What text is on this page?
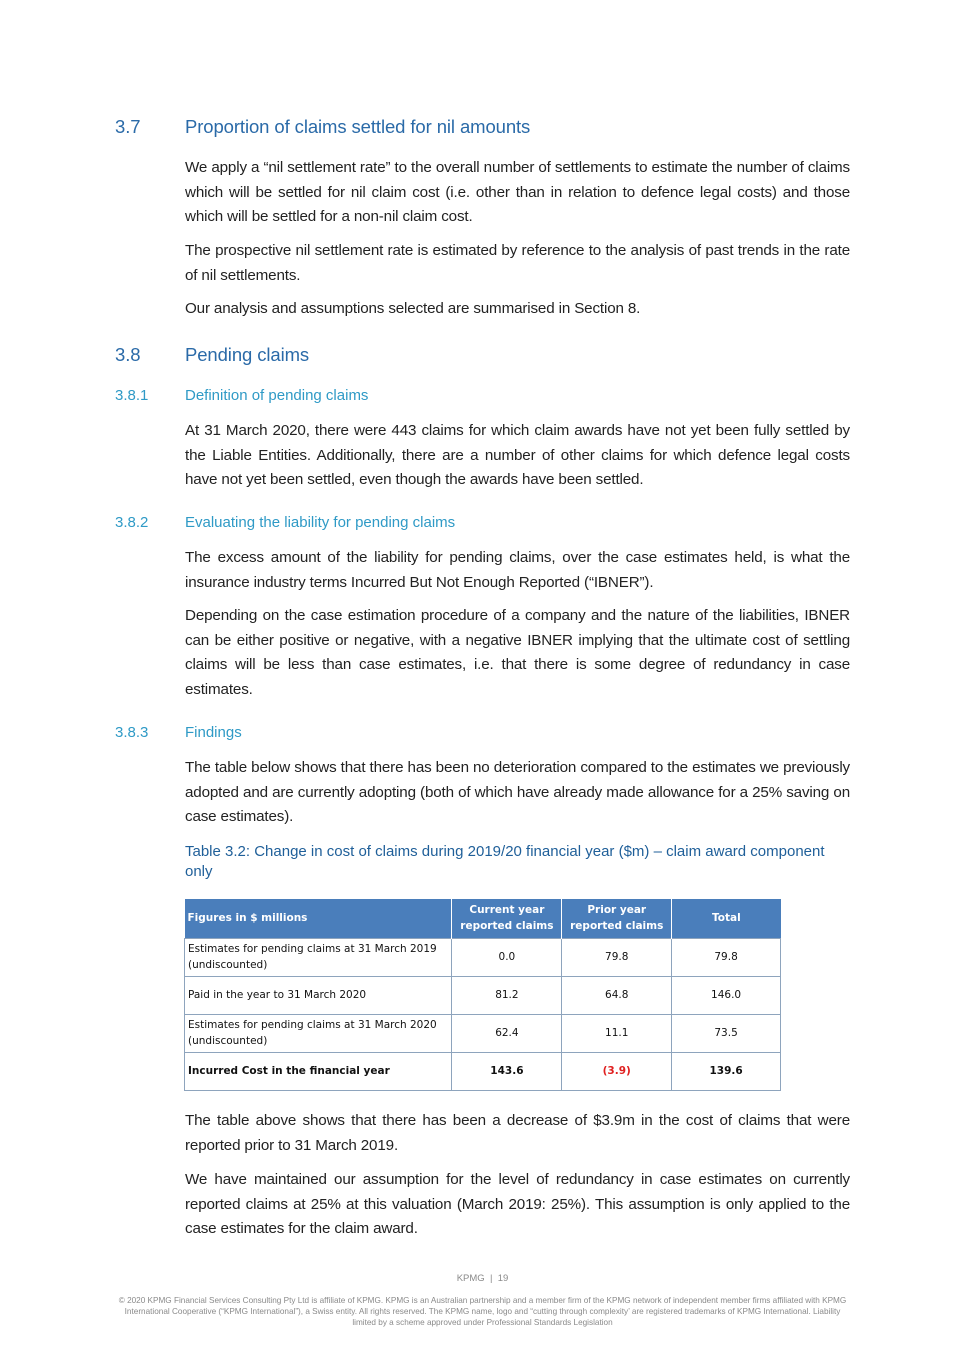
3.7 Proportion of claims settled for nil amounts

We apply a “nil settlement rate” to the overall number of settlements to estimate the number of claims which will be settled for nil claim cost (i.e. other than in relation to defence legal costs) and those which will be settled for a non-nil claim cost.

The prospective nil settlement rate is estimated by reference to the analysis of past trends in the rate of nil settlements.

Our analysis and assumptions selected are summarised in Section 8.

3.8 Pending claims
3.8.1 Definition of pending claims

At 31 March 2020, there were 443 claims for which claim awards have not yet been fully settled by the Liable Entities. Additionally, there are a number of other claims for which defence legal costs have not yet been settled, even though the awards have been settled.

3.8.2 Evaluating the liability for pending claims

The excess amount of the liability for pending claims, over the case estimates held, is what the insurance industry terms Incurred But Not Enough Reported (“IBNER”).

Depending on the case estimation procedure of a company and the nature of the liabilities, IBNER can be either positive or negative, with a negative IBNER implying that the ultimate cost of settling claims will be less than case estimates, i.e. that there is some degree of redundancy in case estimates.

3.8.3 Findings

The table below shows that there has been no deterioration compared to the estimates we previously adopted and are currently adopting (both of which have already made allowance for a 25% saving on case estimates).

Table 3.2: Change in cost of claims during 2019/20 financial year ($m) – claim award component only
Figures in $ millions	Current year reported claims	Prior year reported claims	Total
Estimates for pending claims at 31 March 2019 (undiscounted)	0.0	79.8	79.8
Paid in the year to 31 March 2020	81.2	64.8	146.0
Estimates for pending claims at 31 March 2020 (undiscounted)	62.4	11.1	73.5
Incurred Cost in the financial year	143.6	(3.9)	139.6

The table above shows that there has been a decrease of $3.9m in the cost of claims that were reported prior to 31 March 2019.

We have maintained our assumption for the level of redundancy in case estimates on currently reported claims at 25% at this valuation (March 2019: 25%). This assumption is only applied to the case estimates for the claim award.

KPMG  |  19
© 2020 KPMG Financial Services Consulting Pty Ltd is affiliate of KPMG. KPMG is an Australian partnership and a member firm of the KPMG network of independent member firms affiliated with KPMG International Cooperative (“KPMG International”), a Swiss entity. All rights reserved. The KPMG name, logo and “cutting through complexity’ are registered trademarks of KPMG International. Liability limited by a scheme approved under Professional Standards Legislation
